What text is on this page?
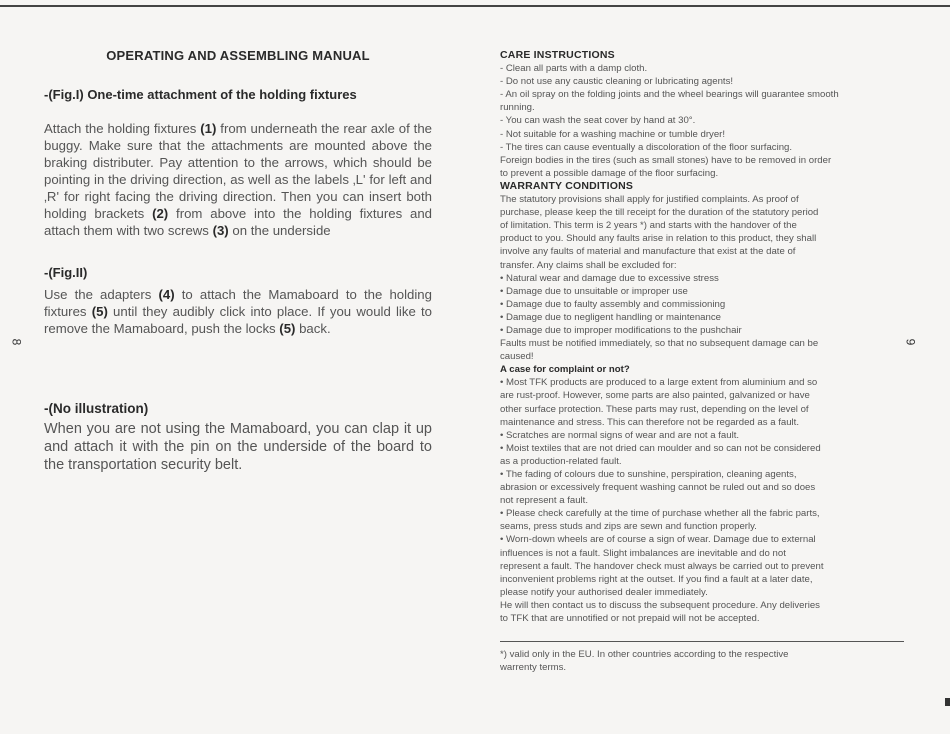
OPERATING AND ASSEMBLING MANUAL
-(Fig.I) One-time attachment of the holding fixtures

Attach the holding fixtures (1) from underneath the rear axle of the buggy. Make sure that the attachments are mounted above the braking distributer. Pay attention to the arrows, which should be pointing in the driving direction, as well as the labels ‚L' for left and ‚R' for right facing the driving direction. Then you can insert both holding brackets (2) from above into the holding fixtures and attach them with two screws (3) on the underside

-(Fig.II)

Use the adapters (4) to attach the Mamaboard to the holding fixtures (5) until they audibly click into place. If you would like to remove the Mamaboard, push the locks (5) back.

-(No illustration)

When you are not using the Mamaboard, you can clap it up and attach it with the pin on the underside of the board to the transportation security belt.

8	9
CARE INSTRUCTIONS
- Clean all parts with a damp cloth.
- Do not use any caustic cleaning or lubricating agents!
- An oil spray on the folding joints and the wheel bearings will guarantee smooth
running.
- You can wash the seat cover by hand at 30°.
- Not suitable for a washing machine or tumble dryer!
- The tires can cause eventually a discoloration of the floor surfacing.
Foreign bodies in the tires (such as small stones) have to be removed in order
to prevent a possible damage of the floor surfacing.
WARRANTY CONDITIONS
The statutory provisions shall apply for justified complaints. As proof of
purchase, please keep the till receipt for the duration of the statutory period
of limitation. This term is 2 years *) and starts with the handover of the
product to you. Should any faults arise in relation to this product, they shall
involve any faults of material and manufacture that exist at the date of
transfer. Any claims shall be excluded for:
• Natural wear and damage due to excessive stress
• Damage due to unsuitable or improper use
• Damage due to faulty assembly and commissioning
• Damage due to negligent handling or maintenance
• Damage due to improper modifications to the pushchair
Faults must be notified immediately, so that no subsequent damage can be
caused!
A case for complaint or not?
• Most TFK products are produced to a large extent from aluminium and so
are rust-proof. However, some parts are also painted, galvanized or have
other surface protection. These parts may rust, depending on the level of
maintenance and stress. This can therefore not be regarded as a fault.
• Scratches are normal signs of wear and are not a fault.
• Moist textiles that are not dried can moulder and so can not be considered
as a production-related fault.
• The fading of colours due to sunshine, perspiration, cleaning agents,
abrasion or excessively frequent washing cannot be ruled out and so does
not represent a fault.
• Please check carefully at the time of purchase whether all the fabric parts,
seams, press studs and zips are sewn and function properly.
• Worn-down wheels are of course a sign of wear. Damage due to external
influences is not a fault. Slight imbalances are inevitable and do not
represent a fault. The handover check must always be carried out to prevent
inconvenient problems right at the outset. If you find a fault at a later date,
please notify your authorised dealer immediately.
He will then contact us to discuss the subsequent procedure. Any deliveries
to TFK that are unnotified or not prepaid will not be accepted.
*) valid only in the EU. In other countries according to the respective
warrenty terms.
